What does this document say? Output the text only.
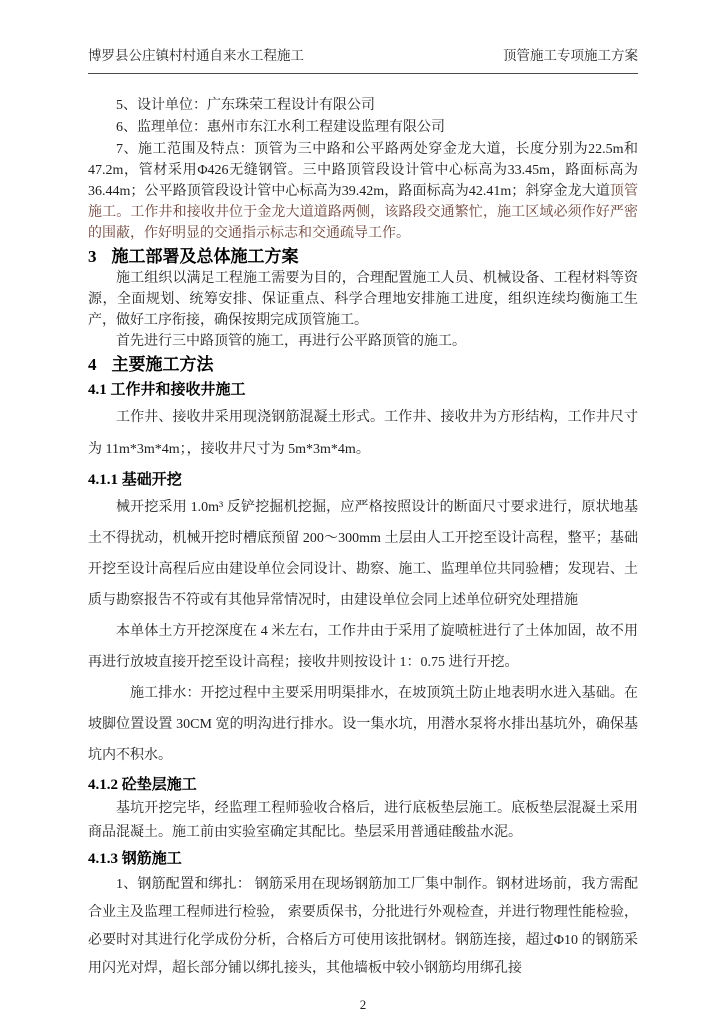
博罗县公庄镇村村通自来水工程施工	顶管施工专项施工方案
5、设计单位：广东珠荣工程设计有限公司
6、监理单位：惠州市东江水利工程建设监理有限公司

7、施工范围及特点：顶管为三中路和公平路两处穿金龙大道，长度分别为22.5m和47.2m，管材采用Φ426无缝钢管。三中路顶管段设计管中心标高为33.45m，路面标高为36.44m；公平路顶管段设计管中心标高为39.42m，路面标高为42.41m；斜穿金龙大道顶管施工。工作井和接收井位于金龙大道道路两侧，该路段交通繁忙，施工区域必须作好严密的围蔽，作好明显的交通指示标志和交通疏导工作。

3 施工部署及总体施工方案

施工组织以满足工程施工需要为目的，合理配置施工人员、机械设备、工程材料等资源，全面规划、统筹安排、保证重点、科学合理地安排施工进度，组织连续均衡施工生产，做好工序衔接，确保按期完成顶管施工。

首先进行三中路顶管的施工，再进行公平路顶管的施工。

4 主要施工方法
4.1 工作井和接收井施工

工作井、接收井采用现浇钢筋混凝土形式。工作井、接收井为方形结构，工作井尺寸为 11m*3m*4m；，接收井尺寸为 5m*3m*4m。

4.1.1 基础开挖

械开挖采用 1.0m³ 反铲挖掘机挖掘，应严格按照设计的断面尺寸要求进行，原状地基土不得扰动，机械开挖时槽底预留 200～300mm 土层由人工开挖至设计高程，整平；基础开挖至设计高程后应由建设单位会同设计、勘察、施工、监理单位共同验槽；发现岩、土质与勘察报告不符或有其他异常情况时，由建设单位会同上述单位研究处理措施

本单体土方开挖深度在 4 米左右，工作井由于采用了旋喷桩进行了土体加固，故不用再进行放坡直接开挖至设计高程；接收井则按设计 1：0.75 进行开挖。

施工排水：开挖过程中主要采用明渠排水，在坡顶筑土防止地表明水进入基础。在坡脚位置设置 30CM 宽的明沟进行排水。设一集水坑，用潜水泵将水排出基坑外，确保基坑内不积水。

4.1.2 砼垫层施工

基坑开挖完毕，经监理工程师验收合格后，进行底板垫层施工。底板垫层混凝土采用商品混凝土。施工前由实验室确定其配比。垫层采用普通硅酸盐水泥。

4.1.3 钢筋施工

1、钢筋配置和绑扎： 钢筋采用在现场钢筋加工厂集中制作。钢材进场前，我方需配合业主及监理工程师进行检验， 索要质保书，分批进行外观检查，并进行物理性能检验，必要时对其进行化学成份分析，合格后方可使用该批钢材。钢筋连接，超过Φ10 的钢筋采用闪光对焊，超长部分铺以绑扎接头，其他墙板中较小钢筋均用绑孔接

2
